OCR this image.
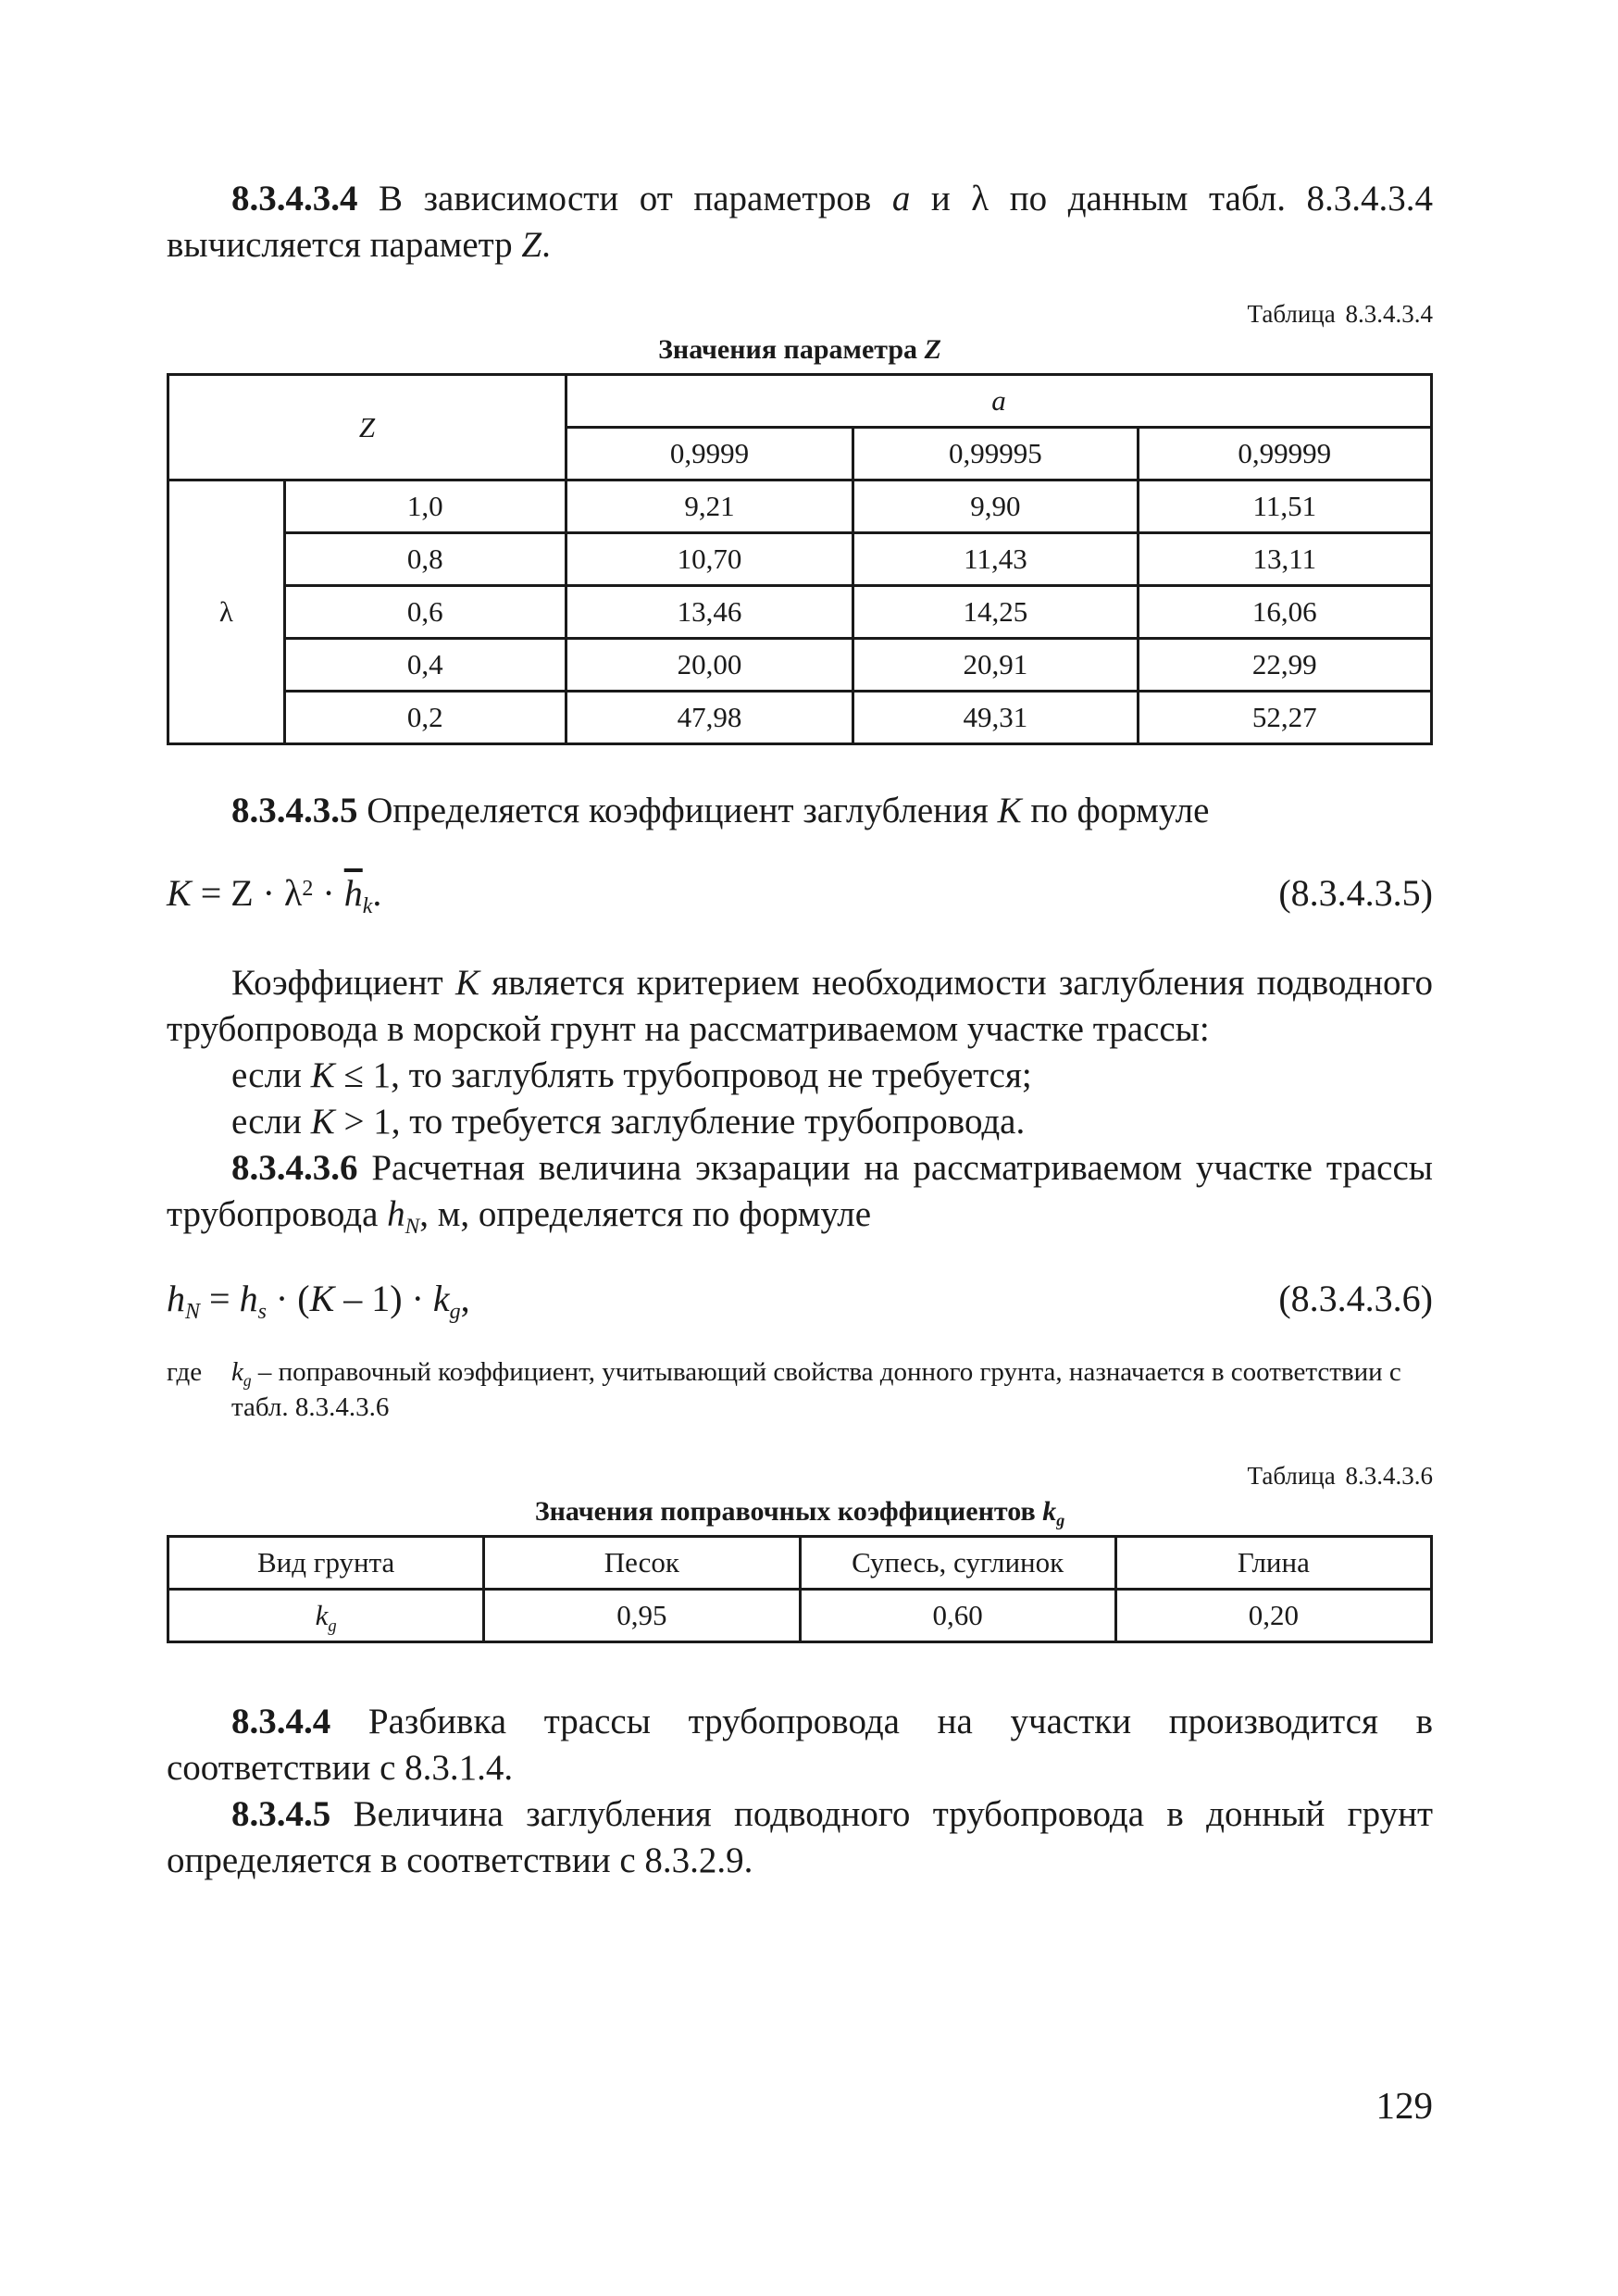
8.3.4.3.4 В зависимости от параметров a и λ по данным табл. 8.3.4.3.4 вычисляется параметр Z.

Таблица 8.3.4.3.4
Значения параметра Z
Z		a		
		0,9999	0,99995	0,99999
λ	1,0	9,21	9,90	11,51
	0,8	10,70	11,43	13,11
	0,6	13,46	14,25	16,06
	0,4	20,00	20,91	22,99
	0,2	47,98	49,31	52,27

8.3.4.3.5 Определяется коэффициент заглубления K по формуле

$K = Z \cdot \lambda^2 \cdot \overline{h}_k$.	(8.3.4.3.5)

Коэффициент K является критерием необходимости заглубления подводного трубопровода в морской грунт на рассматриваемом участке трассы:

если K ≤ 1, то заглублять трубопровод не требуется;

если K > 1, то требуется заглубление трубопровода.

8.3.4.3.6 Расчетная величина экзарации на рассматриваемом участке трассы трубопровода $h_N$, м, определяется по формуле

$h_N = h_s \cdot (K - 1) \cdot k_g$,	(8.3.4.3.6)

где $k_g$ – поправочный коэффициент, учитывающий свойства донного грунта, назначается в соответствии с табл. 8.3.4.3.6

Таблица 8.3.4.3.6
Значения поправочных коэффициентов $k_g$
Вид грунта	Песок	Супесь, суглинок	Глина
$k_g$	0,95	0,60	0,20

8.3.4.4 Разбивка трассы трубопровода на участки производится в соответствии с 8.3.1.4.

8.3.4.5 Величина заглубления подводного трубопровода в донный грунт определяется в соответствии с 8.3.2.9.

129
